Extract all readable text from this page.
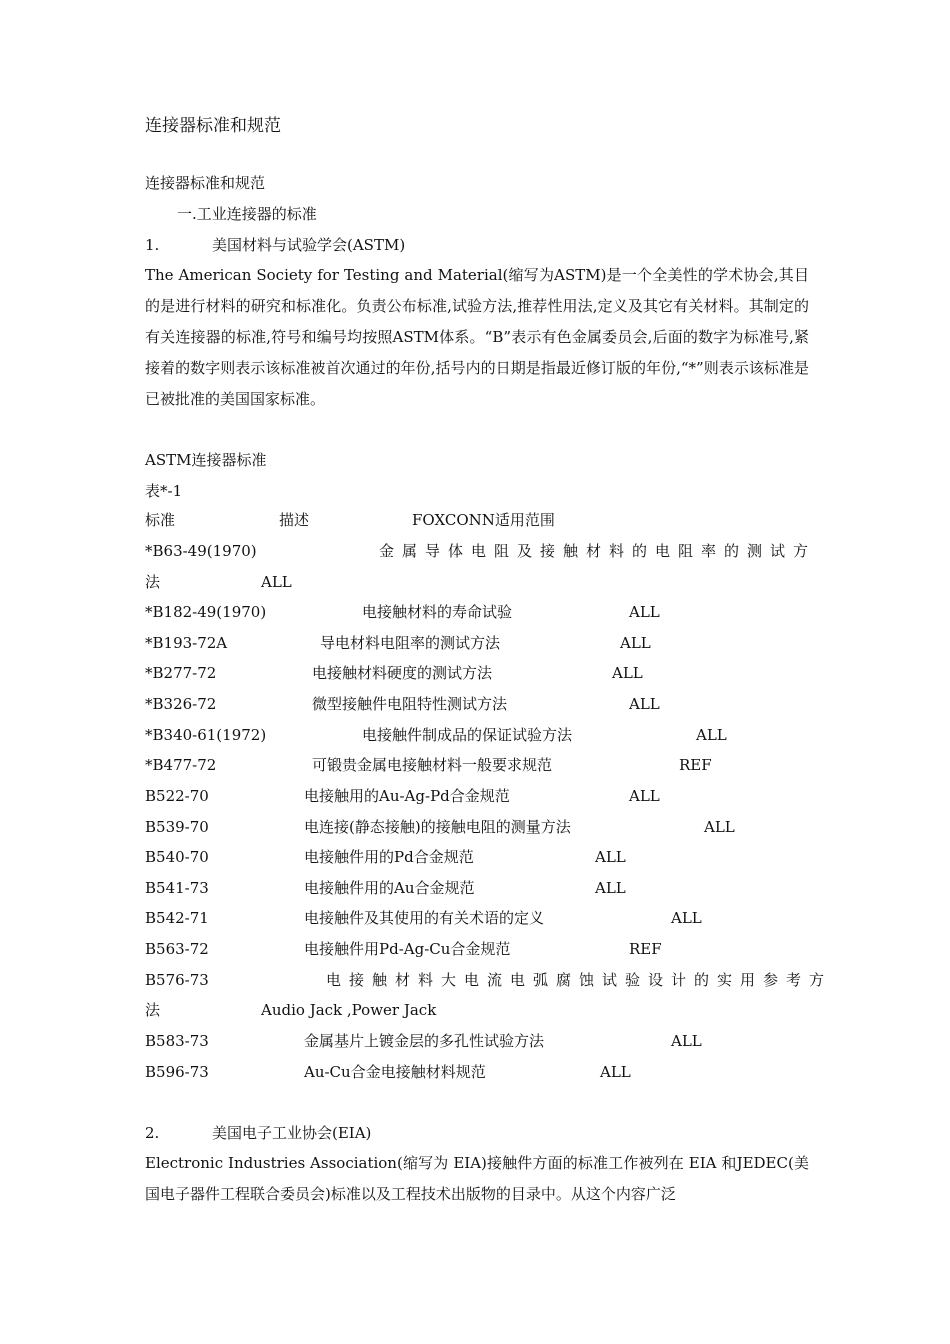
连接器标准和规范
连接器标准和规范
一.工业连接器的标准
1.	美国材料与试验学会(ASTM)
The American Society for Testing and Material(缩写为ASTM)是一个全美性的学术协会,其目的是进行材料的研究和标准化。负责公布标准,试验方法,推荐性用法,定义及其它有关材料。其制定的有关连接器的标准,符号和编号均按照ASTM体系。“B”表示有色金属委员会,后面的数字为标准号,紧接着的数字则表示该标准被首次通过的年份,括号内的日期是指最近修订版的年份,“*”则表示该标准是已被批准的美国国家标准。
ASTM连接器标准
表*-1
标准	描述	FOXCONN适用范围
*B63-49(1970)	金属导体电阻及接触材料的电阻率的测试方
法	ALL
*B182-49(1970)	电接触材料的寿命试验	ALL
*B193-72A	导电材料电阻率的测试方法	ALL
*B277-72	电接触材料硬度的测试方法	ALL
*B326-72	微型接触件电阻特性测试方法	ALL
*B340-61(1972)	电接触件制成品的保证试验方法	ALL
*B477-72	可锻贵金属电接触材料一般要求规范	REF
B522-70	电接触用的Au-Ag-Pd合金规范	ALL
B539-70	电连接(静态接触)的接触电阻的测量方法	ALL
B540-70	电接触件用的Pd合金规范	ALL
B541-73	电接触件用的Au合金规范	ALL
B542-71	电接触件及其使用的有关术语的定义	ALL
B563-72	电接触件用Pd-Ag-Cu合金规范	REF
B576-73	电接触材料大电流电弧腐蚀试验设计的实用参考方
法	Audio Jack ,Power Jack
B583-73	金属基片上镀金层的多孔性试验方法	ALL
B596-73	Au-Cu合金电接触材料规范	ALL
2.	美国电子工业协会(EIA)
Electronic Industries Association(缩写为 EIA)接触件方面的标准工作被列在 EIA 和JEDEC(美国电子器件工程联合委员会)标准以及工程技术出版物的目录中。从这个内容广泛
